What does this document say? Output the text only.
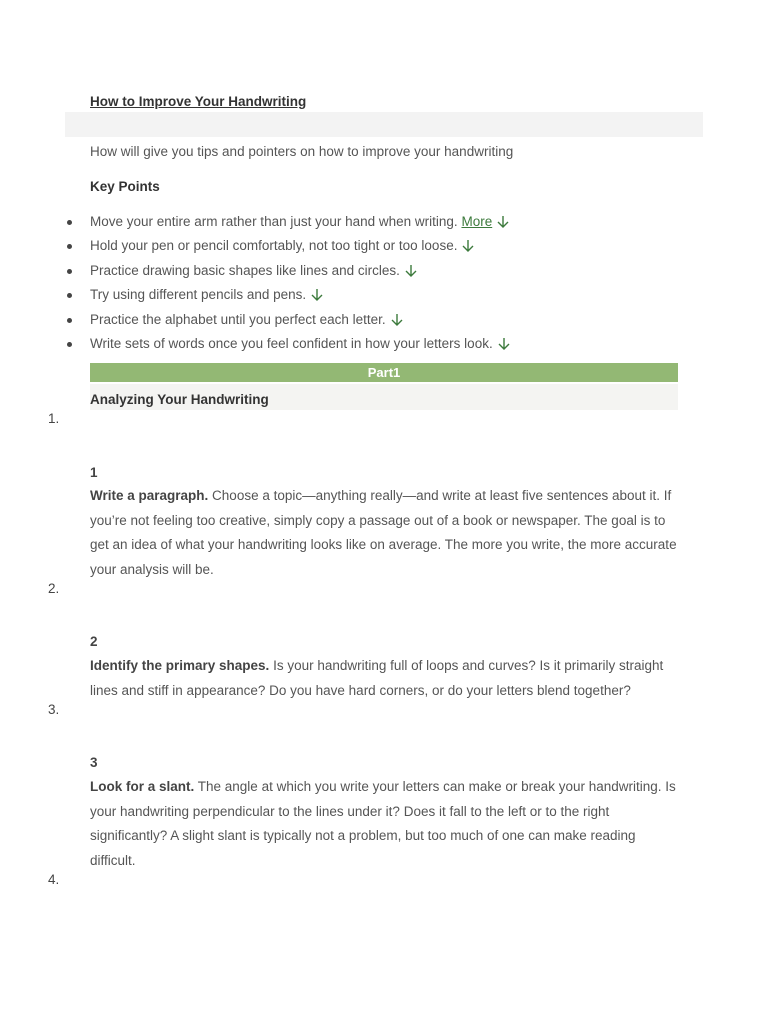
How to Improve Your Handwriting
How will give you tips and pointers on how to improve your handwriting
Key Points
Move your entire arm rather than just your hand when writing. More
Hold your pen or pencil comfortably, not too tight or too loose.
Practice drawing basic shapes like lines and circles.
Try using different pencils and pens.
Practice the alphabet until you perfect each letter.
Write sets of words once you feel confident in how your letters look.
Part1
Analyzing Your Handwriting
1.
2.
3.
4.
1
Write a paragraph. Choose a topic—anything really—and write at least five sentences about it. If you’re not feeling too creative, simply copy a passage out of a book or newspaper. The goal is to get an idea of what your handwriting looks like on average. The more you write, the more accurate your analysis will be.
2
Identify the primary shapes. Is your handwriting full of loops and curves? Is it primarily straight lines and stiff in appearance? Do you have hard corners, or do your letters blend together?
3
Look for a slant. The angle at which you write your letters can make or break your handwriting. Is your handwriting perpendicular to the lines under it? Does it fall to the left or to the right significantly? A slight slant is typically not a problem, but too much of one can make reading difficult.
